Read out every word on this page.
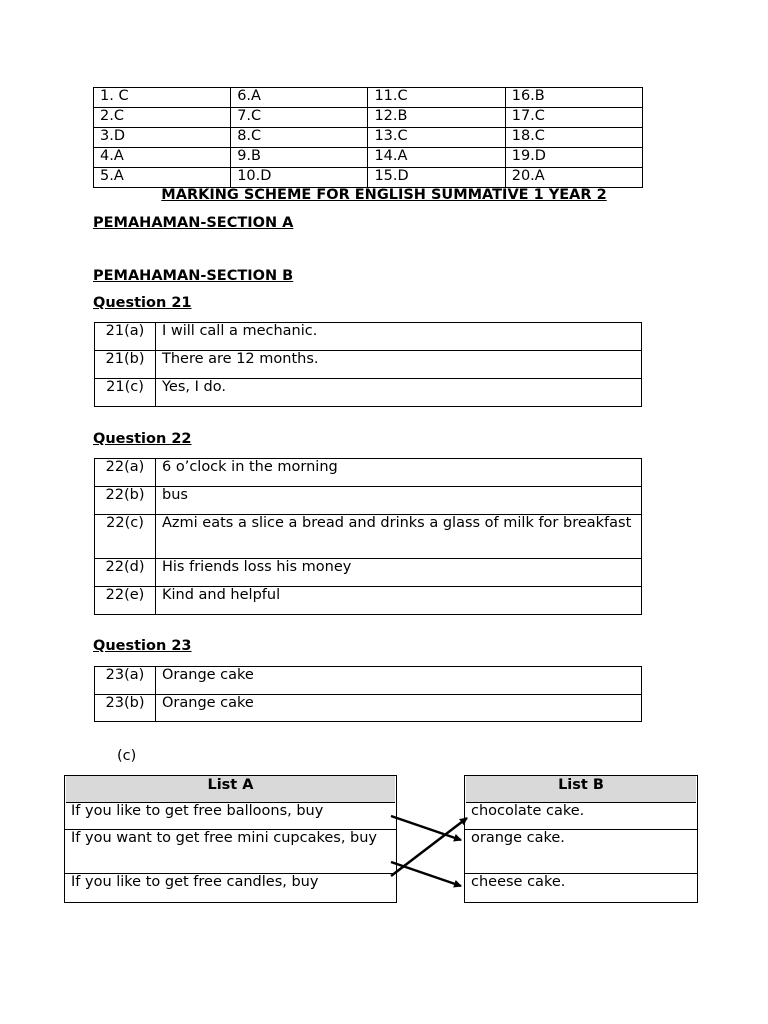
1. C	6.A	11.C	16.B
2.C	7.C	12.B	17.C
3.D	8.C	13.C	18.C
4.A	9.B	14.A	19.D
5.A	10.D	15.D	20.A
MARKING SCHEME FOR ENGLISH SUMMATIVE 1 YEAR 2
PEMAHAMAN-SECTION A
PEMAHAMAN-SECTION B
Question 21
21(a)	I will call a mechanic.
21(b)	There are 12 months.
21(c)	Yes, I do.
Question 22
22(a)	6 o’clock in the morning
22(b)	bus
22(c)	Azmi eats a slice a bread and drinks a glass of milk for breakfast
22(d)	His friends loss his money
22(e)	Kind and helpful
Question 23
23(a)	Orange cake
23(b)	Orange cake
(c)
List A
If you like to get free balloons, buy
If you want to get free mini cupcakes, buy
If you like to get free candles, buy
List B
chocolate cake.
orange cake.
cheese cake.
